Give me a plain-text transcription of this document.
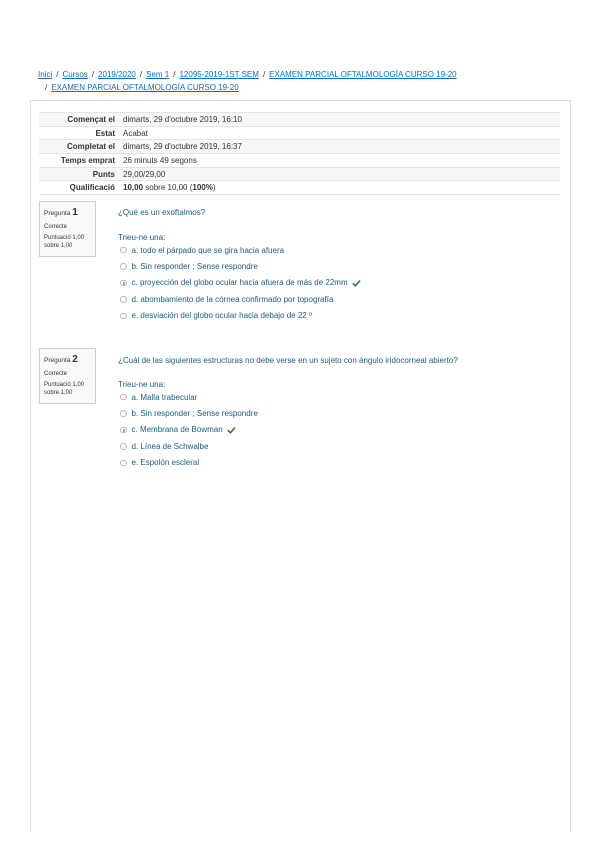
Inici / Cursos / 2019/2020 / Sem 1 / 12095-2019-1ST SEM / EXAMEN PARCIAL OFTALMOLOGÍA CURSO 19-20
/ EXAMEN PARCIAL OFTALMOLOGÍA CURSO 19-20
Començat el	dimarts, 29 d'octubre 2019, 16:10
Estat	Acabat
Completat el	dimarts, 29 d'octubre 2019, 16:37
Temps emprat	26 minuts 49 segons
Punts	29,00/29,00
Qualificació	10,00 sobre 10,00 (100%)
Pregunta 1
Correcte
Puntuació 1,00 sobre 1,00
¿Qué es un exoftalmos?
Trieu-ne una:
a. todo el párpado que se gira hacia afuera
b. Sin responder ; Sense respondre
c. proyección del globo ocular hacia afuera de más de 22mm
d. abombamiento de la córnea confirmado por topografía
e. desviación del globo ocular hacia debajo de 22 º
Pregunta 2
Correcte
Puntuació 1,00 sobre 1,00
¿Cuál de las siguientes estructuras no debe verse en un sujeto con ángulo iridocorneal abierto?
Trieu-ne una:
a. Malla trabecular
b. Sin responder ; Sense respondre
c. Membrana de Bowman
d. Línea de Schwalbe
e. Espolón escleral
